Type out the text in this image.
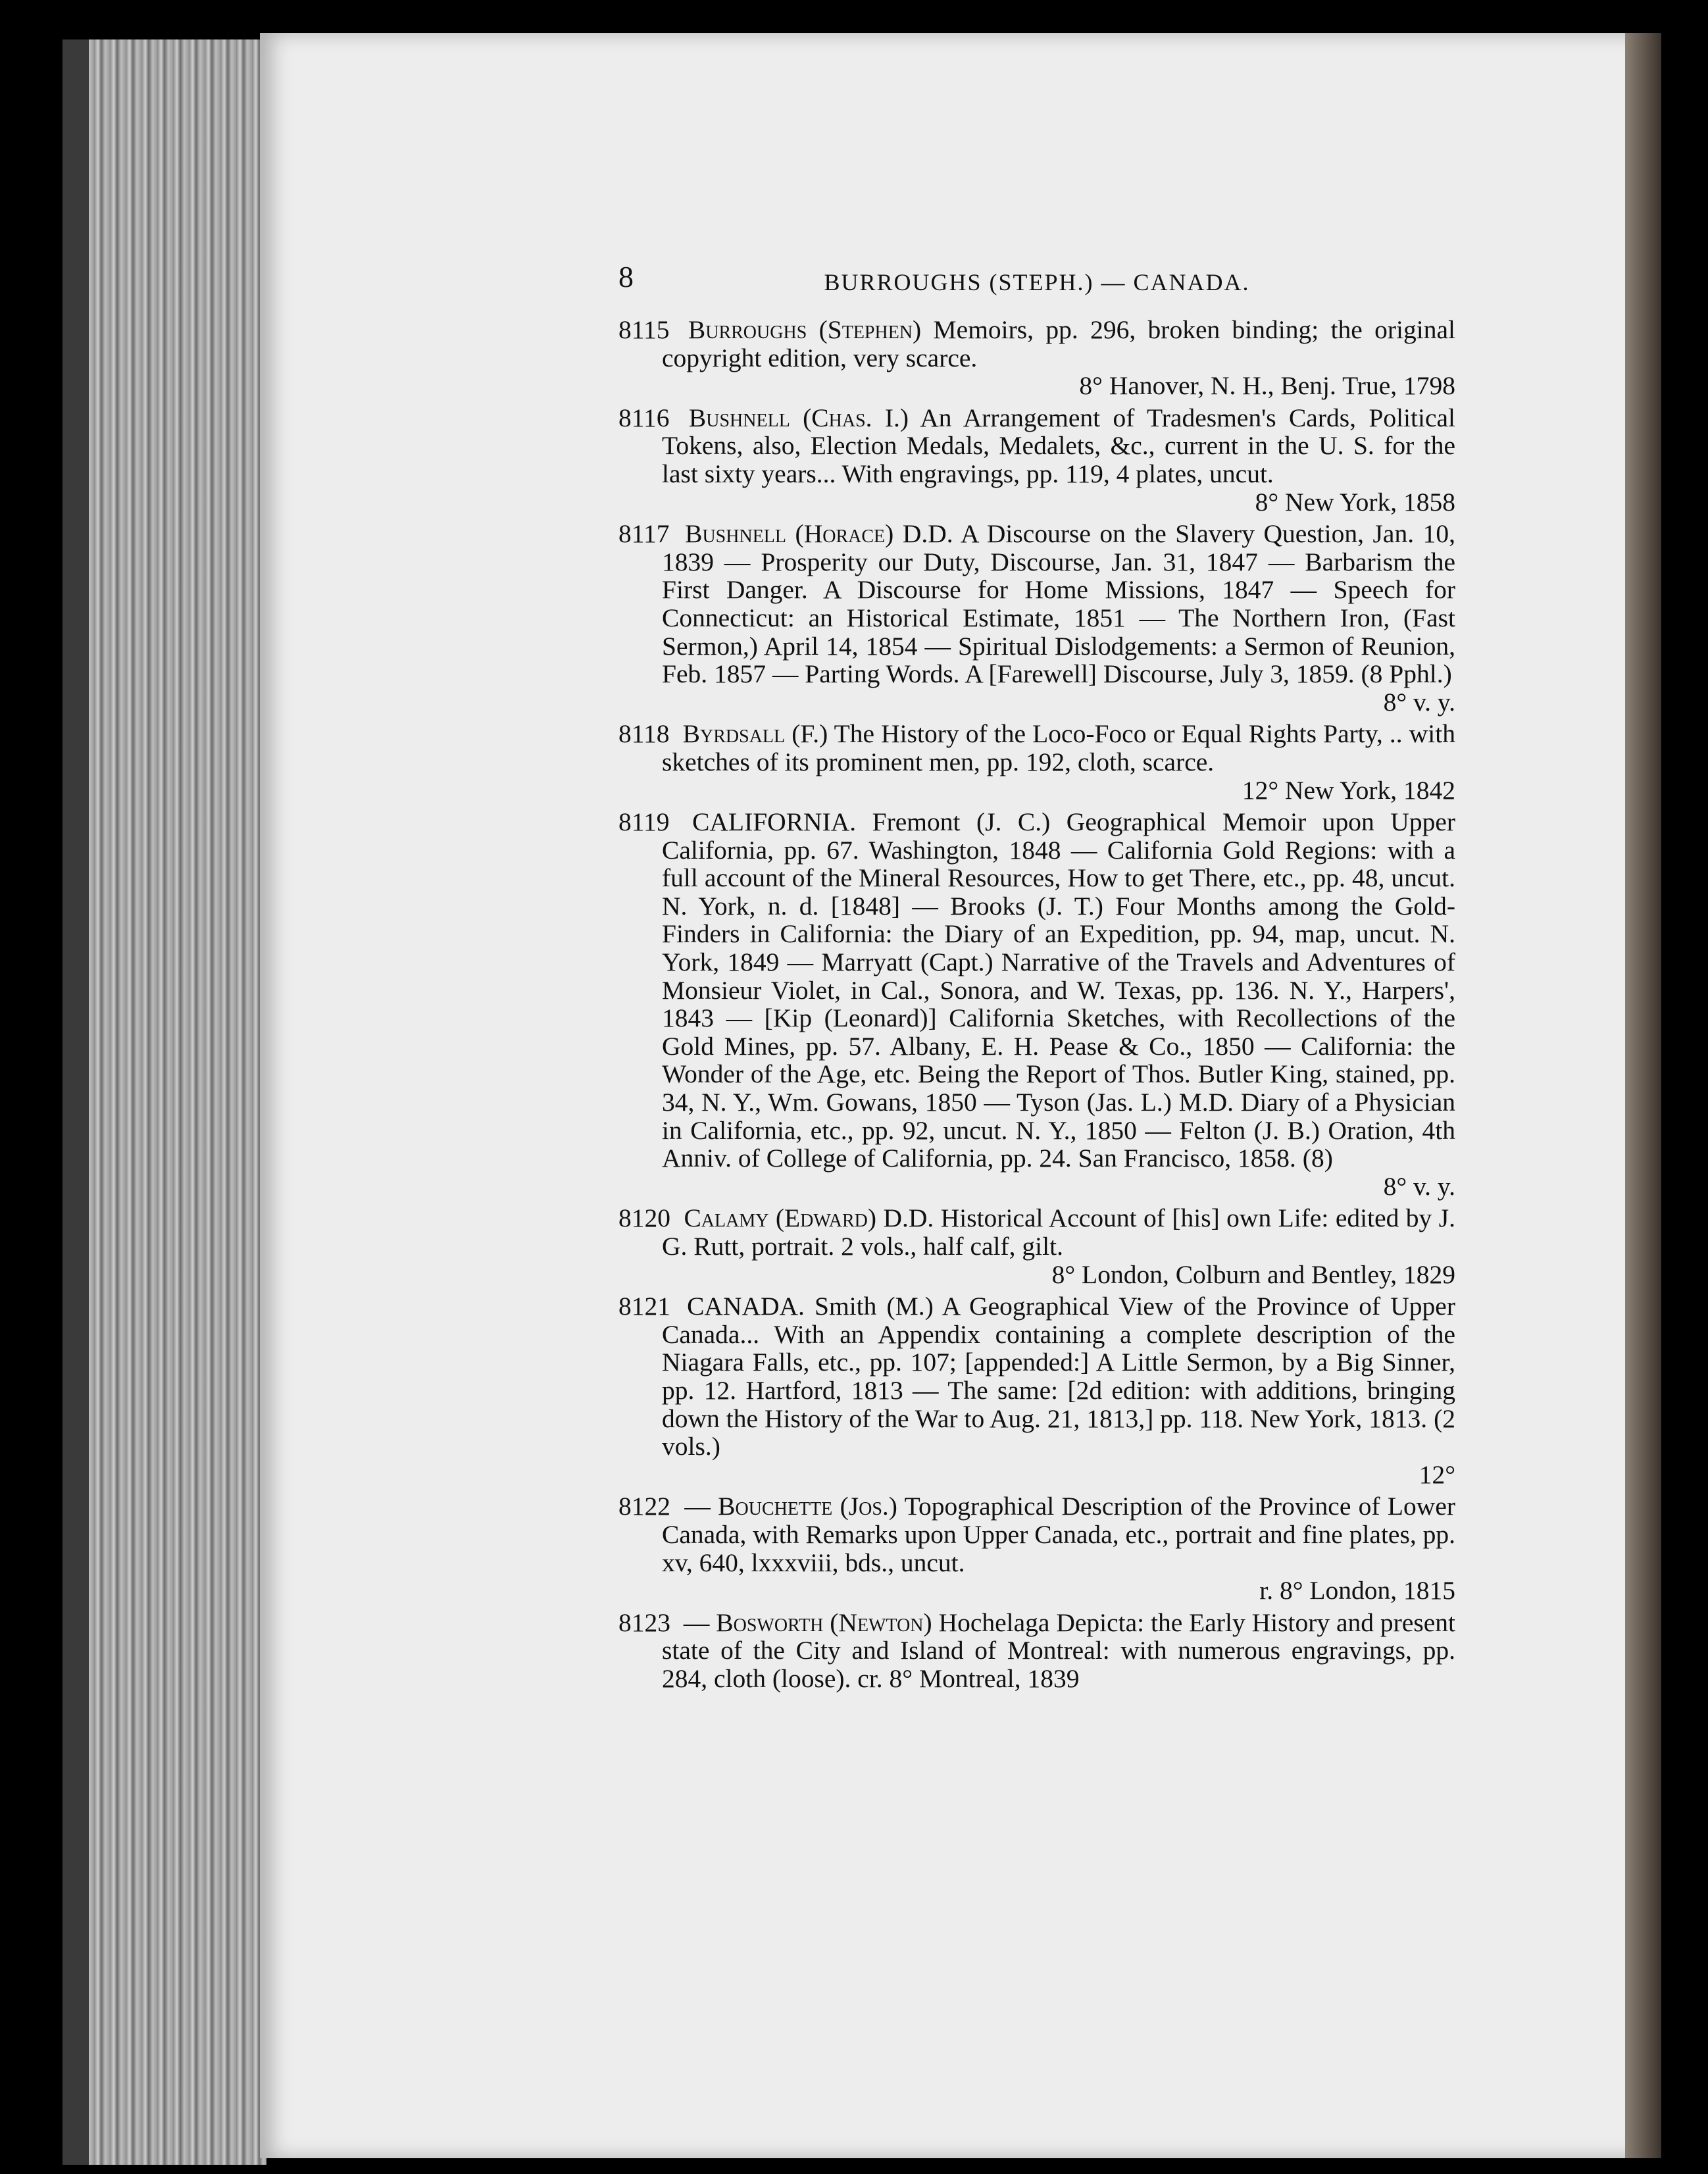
8	BURROUGHS (STEPH.) — CANADA.
8115 Burroughs (Stephen) Memoirs, pp. 296, broken binding; the original copyright edition, very scarce.
8° Hanover, N. H., Benj. True, 1798
8116 Bushnell (Chas. I.) An Arrangement of Tradesmen's Cards, Political Tokens, also, Election Medals, Medalets, &c., current in the U. S. for the last sixty years... With engravings, pp. 119, 4 plates, uncut.
8° New York, 1858
8117 Bushnell (Horace) D.D. A Discourse on the Slavery Question, Jan. 10, 1839 — Prosperity our Duty, Discourse, Jan. 31, 1847 — Barbarism the First Danger. A Discourse for Home Missions, 1847 — Speech for Connecticut: an Historical Estimate, 1851 — The Northern Iron, (Fast Sermon,) April 14, 1854 — Spiritual Dislodgements: a Sermon of Reunion, Feb. 1857 — Parting Words. A [Farewell] Discourse, July 3, 1859. (8 Pphl.)
8° v. y.
8118 Byrdsall (F.) The History of the Loco-Foco or Equal Rights Party, .. with sketches of its prominent men, pp. 192, cloth, scarce.
12° New York, 1842
8119 CALIFORNIA. Fremont (J. C.) Geographical Memoir upon Upper California, pp. 67. Washington, 1848 — California Gold Regions: with a full account of the Mineral Resources, How to get There, etc., pp. 48, uncut. N. York, n. d. [1848] — Brooks (J. T.) Four Months among the Gold-Finders in California: the Diary of an Expedition, pp. 94, map, uncut. N. York, 1849 — Marryatt (Capt.) Narrative of the Travels and Adventures of Monsieur Violet, in Cal., Sonora, and W. Texas, pp. 136. N. Y., Harpers', 1843 — [Kip (Leonard)] California Sketches, with Recollections of the Gold Mines, pp. 57. Albany, E. H. Pease & Co., 1850 — California: the Wonder of the Age, etc. Being the Report of Thos. Butler King, stained, pp. 34, N. Y., Wm. Gowans, 1850 — Tyson (Jas. L.) M.D. Diary of a Physician in California, etc., pp. 92, uncut. N. Y., 1850 — Felton (J. B.) Oration, 4th Anniv. of College of California, pp. 24. San Francisco, 1858. (8)
8° v. y.
8120 Calamy (Edward) D.D. Historical Account of [his] own Life: edited by J. G. Rutt, portrait. 2 vols., half calf, gilt.
8° London, Colburn and Bentley, 1829
8121 CANADA. Smith (M.) A Geographical View of the Province of Upper Canada... With an Appendix containing a complete description of the Niagara Falls, etc., pp. 107; [appended:] A Little Sermon, by a Big Sinner, pp. 12. Hartford, 1813 — The same: [2d edition: with additions, bringing down the History of the War to Aug. 21, 1813,] pp. 118. New York, 1813. (2 vols.)
12°
8122 — Bouchette (Jos.) Topographical Description of the Province of Lower Canada, with Remarks upon Upper Canada, etc., portrait and fine plates, pp. xv, 640, lxxxviii, bds., uncut.
r. 8° London, 1815
8123 — Bosworth (Newton) Hochelaga Depicta: the Early History and present state of the City and Island of Montreal: with numerous engravings, pp. 284, cloth (loose). cr. 8° Montreal, 1839
